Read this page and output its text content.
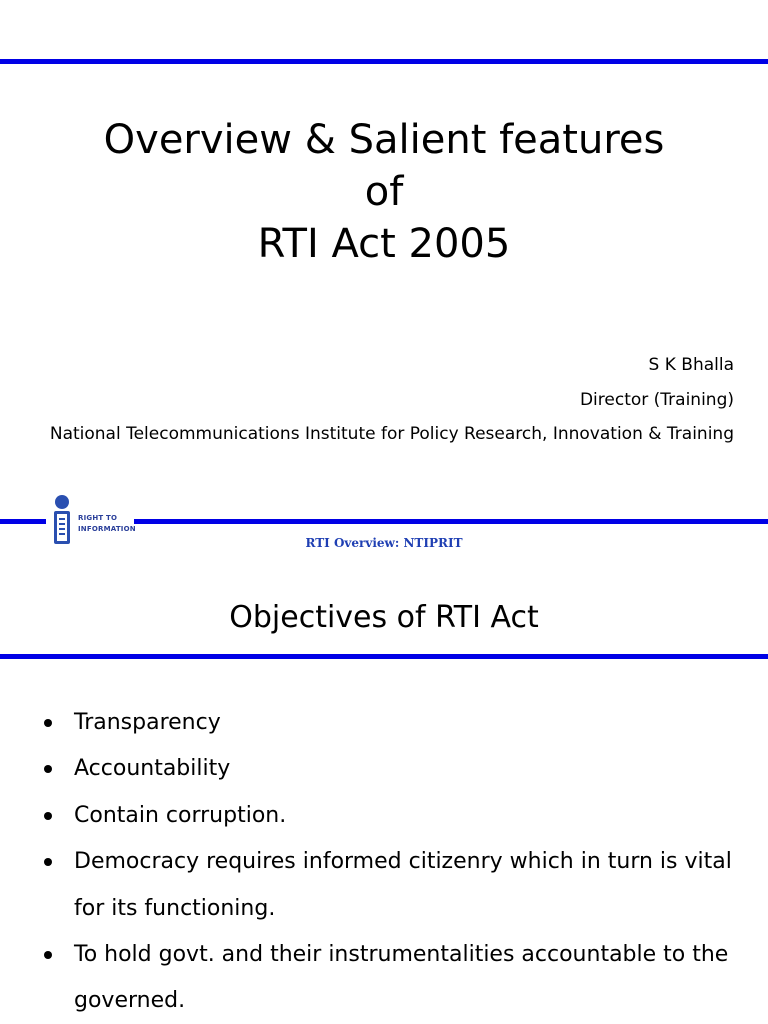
Overview & Salient features
of
RTI Act 2005
S K Bhalla
Director (Training)
National Telecommunications Institute for Policy Research, Innovation & Training
RIGHT TO
INFORMATION
RTI Overview: NTIPRIT
Objectives of RTI Act
Transparency
Accountability
Contain corruption.
Democracy requires informed citizenry which in turn is vital for its functioning.
To hold govt. and their instrumentalities accountable to the governed.
